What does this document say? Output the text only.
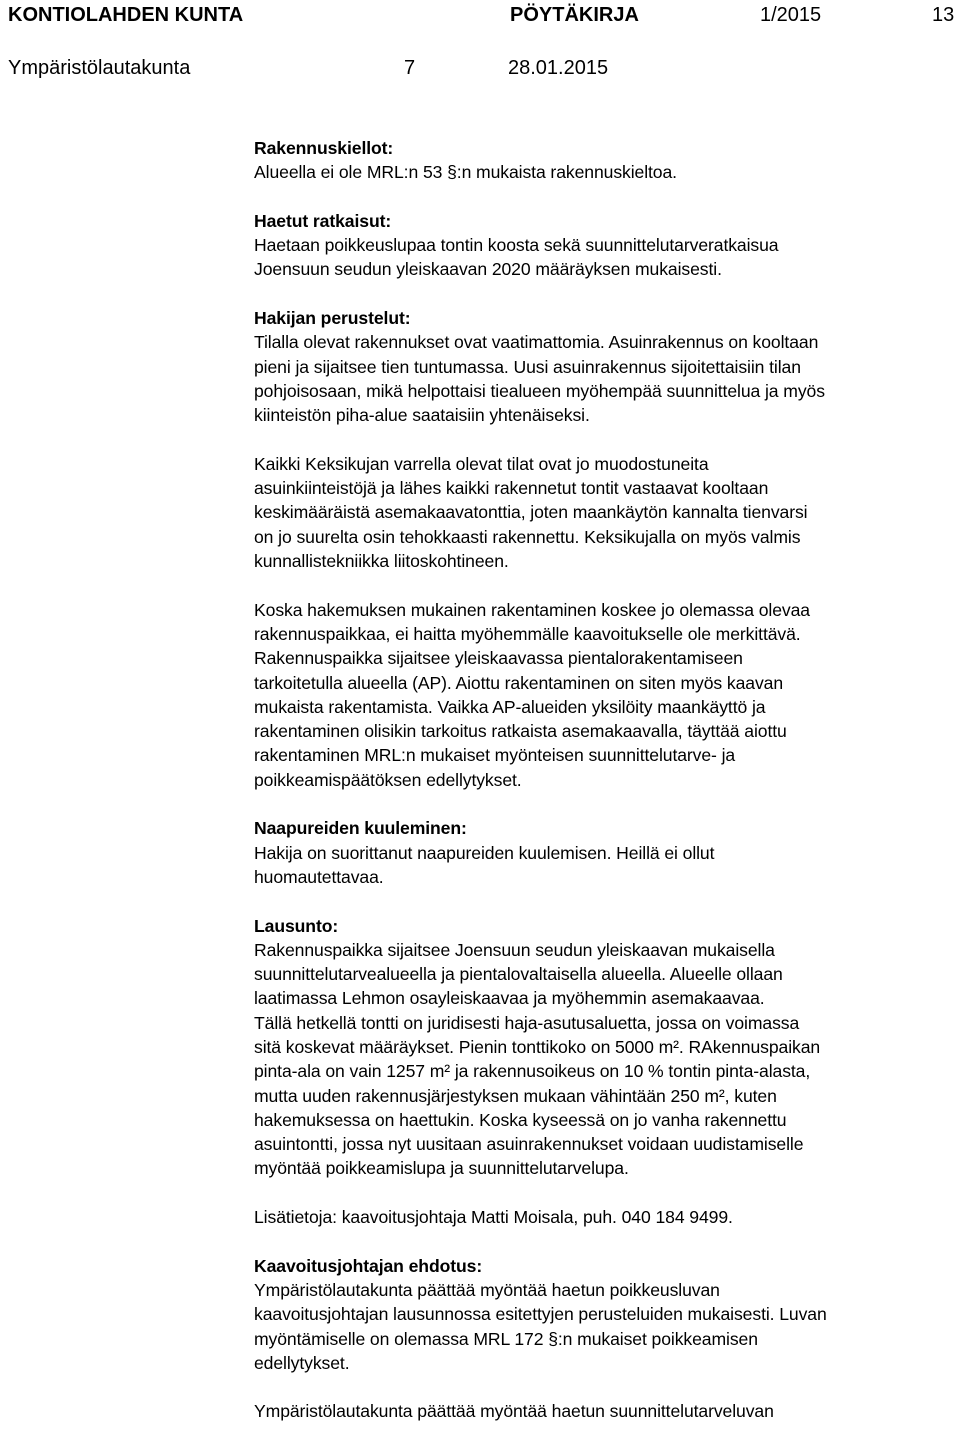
KONTIOLAHDEN KUNTA	PÖYTÄKIRJA	1/2015	13
Ympäristölautakunta	7	28.01.2015

Rakennuskiellot:

Alueella ei ole MRL:n 53 §:n mukaista rakennuskieltoa.

Haetut ratkaisut:

Haetaan poikkeuslupaa tontin koosta sekä suunnittelutarveratkaisua

Joensuun seudun yleiskaavan 2020 määräyksen mukaisesti.

Hakijan perustelut:

Tilalla olevat rakennukset ovat vaatimattomia. Asuinrakennus on kooltaan

pieni ja sijaitsee tien tuntumassa. Uusi asuinrakennus sijoitettaisiin tilan

pohjoisosaan, mikä helpottaisi tiealueen myöhempää suunnittelua ja myös

kiinteistön piha-alue saataisiin yhtenäiseksi.

Kaikki Keksikujan varrella olevat tilat ovat jo muodostuneita

asuinkiinteistöjä ja lähes kaikki rakennetut tontit vastaavat kooltaan

keskimääräistä asemakaavatonttia, joten maankäytön kannalta tienvarsi

on jo suurelta osin tehokkaasti rakennettu. Keksikujalla on myös valmis

kunnallistekniikka liitoskohtineen.

Koska hakemuksen mukainen rakentaminen koskee jo olemassa olevaa

rakennuspaikkaa, ei haitta myöhemmälle kaavoitukselle ole merkittävä.

Rakennuspaikka sijaitsee yleiskaavassa pientalorakentamiseen

tarkoitetulla alueella (AP). Aiottu rakentaminen on siten myös kaavan

mukaista rakentamista. Vaikka AP-alueiden yksilöity maankäyttö ja

rakentaminen olisikin tarkoitus ratkaista asemakaavalla, täyttää aiottu

rakentaminen MRL:n mukaiset myönteisen suunnittelutarve- ja

poikkeamispäätöksen edellytykset.

Naapureiden kuuleminen:

Hakija on suorittanut naapureiden kuulemisen. Heillä ei ollut

huomautettavaa.

Lausunto:

Rakennuspaikka sijaitsee Joensuun seudun yleiskaavan mukaisella

suunnittelutarvealueella ja pientalovaltaisella alueella. Alueelle ollaan

laatimassa Lehmon osayleiskaavaa ja myöhemmin asemakaavaa.

Tällä hetkellä tontti on juridisesti haja-asutusaluetta, jossa on voimassa

sitä koskevat määräykset. Pienin tonttikoko on 5000 m². RAkennuspaikan

pinta-ala on vain 1257 m² ja rakennusoikeus on 10 % tontin pinta-alasta,

mutta uuden rakennusjärjestyksen mukaan vähintään 250 m², kuten

hakemuksessa on haettukin. Koska kyseessä on jo vanha rakennettu

asuintontti, jossa nyt uusitaan asuinrakennukset voidaan uudistamiselle

myöntää poikkeamislupa ja suunnittelutarvelupa.

Lisätietoja: kaavoitusjohtaja Matti Moisala, puh. 040 184 9499.

Kaavoitusjohtajan ehdotus:

Ympäristölautakunta päättää myöntää haetun poikkeusluvan

kaavoitusjohtajan lausunnossa esitettyjen perusteluiden mukaisesti. Luvan

myöntämiselle on olemassa MRL 172 §:n mukaiset poikkeamisen

edellytykset.

Ympäristölautakunta päättää myöntää haetun suunnittelutarveluvan
